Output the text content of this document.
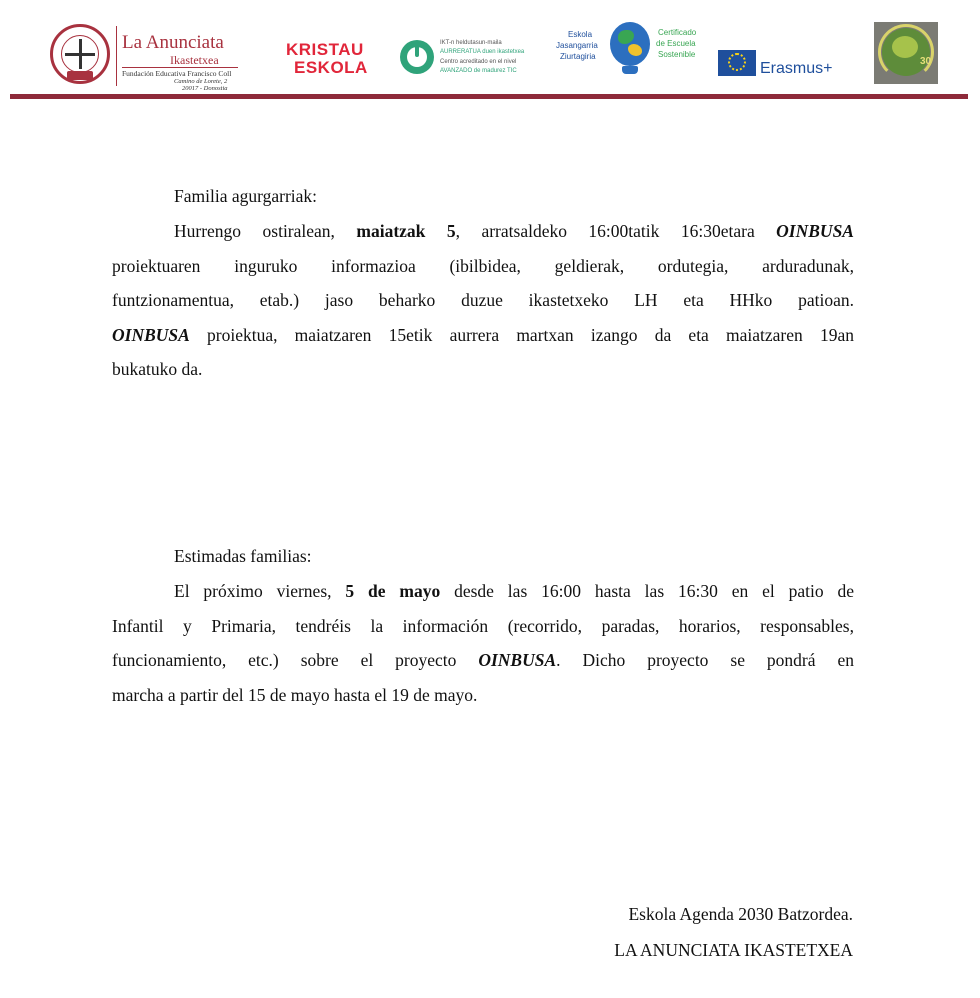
La Anunciata
Ikastetxea
Fundación Educativa Francisco Coll
Camino de Lorete, 2
20017 - Donostia
KRISTAU
ESKOLA
IKT-n heldutasun-maila
AURRERATUA duen ikastetxea
Centro acreditado en el nivel
AVANZADO de madurez TIC
Eskola
Jasangarria
Ziurtagiria
Certificado
de Escuela
Sostenible
Erasmus+	30
Familia agurgarriak:
Hurrengo ostiralean, maiatzak 5, arratsaldeko 16:00tatik 16:30etara OINBUSA
proiektuaren inguruko informazioa (ibilbidea, geldierak, ordutegia, arduradunak,
funtzionamentua, etab.) jaso beharko duzue ikastetxeko LH eta HHko patioan.
OINBUSA proiektua, maiatzaren 15etik aurrera martxan izango da eta maiatzaren 19an
bukatuko da.
Estimadas familias:
El próximo viernes, 5 de mayo desde las 16:00 hasta las 16:30 en el patio de
Infantil y Primaria, tendréis la información (recorrido, paradas, horarios, responsables,
funcionamiento, etc.) sobre el proyecto OINBUSA. Dicho proyecto se pondrá en
marcha a partir del 15 de mayo hasta el 19 de mayo.
Eskola Agenda 2030 Batzordea.
LA ANUNCIATA IKASTETXEA
